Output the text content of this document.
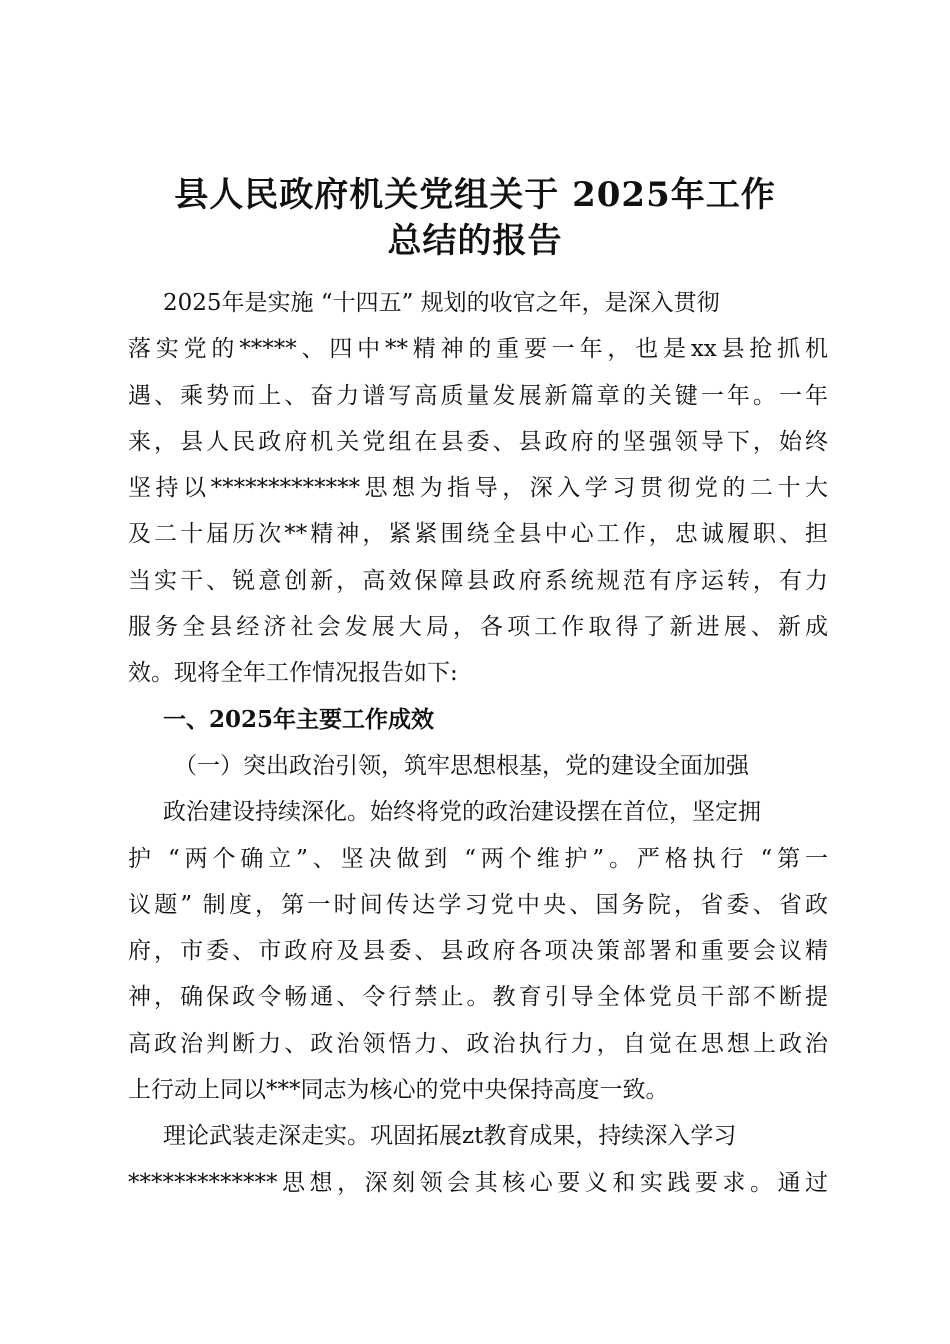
县人民政府机关党组关于 2025年工作
总结的报告
2025年是实施 “十四五” 规划的收官之年，是深入贯彻
落实党的*****、四中**精神的重要一年，也是xx县抢抓机
遇、乘势而上、奋力谱写高质量发展新篇章的关键一年。一年
来，县人民政府机关党组在县委、县政府的坚强领导下，始终
坚持以*************思想为指导，深入学习贯彻党的二十大
及二十届历次**精神，紧紧围绕全县中心工作，忠诚履职、担
当实干、锐意创新，高效保障县政府系统规范有序运转，有力
服务全县经济社会发展大局，各项工作取得了新进展、新成
效。现将全年工作情况报告如下:
一、2025年主要工作成效
（一）突出政治引领，筑牢思想根基，党的建设全面加强
政治建设持续深化。始终将党的政治建设摆在首位，坚定拥
护 “两个确立”、坚决做到 “两个维护”。严格执行 “第一
议题” 制度，第一时间传达学习党中央、国务院，省委、省政
府，市委、市政府及县委、县政府各项决策部署和重要会议精
神，确保政令畅通、令行禁止。教育引导全体党员干部不断提
高政治判断力、政治领悟力、政治执行力，自觉在思想上政治
上行动上同以***同志为核心的党中央保持高度一致。
理论武装走深走实。巩固拓展zt教育成果，持续深入学习
*************思想，深刻领会其核心要义和实践要求。通过
